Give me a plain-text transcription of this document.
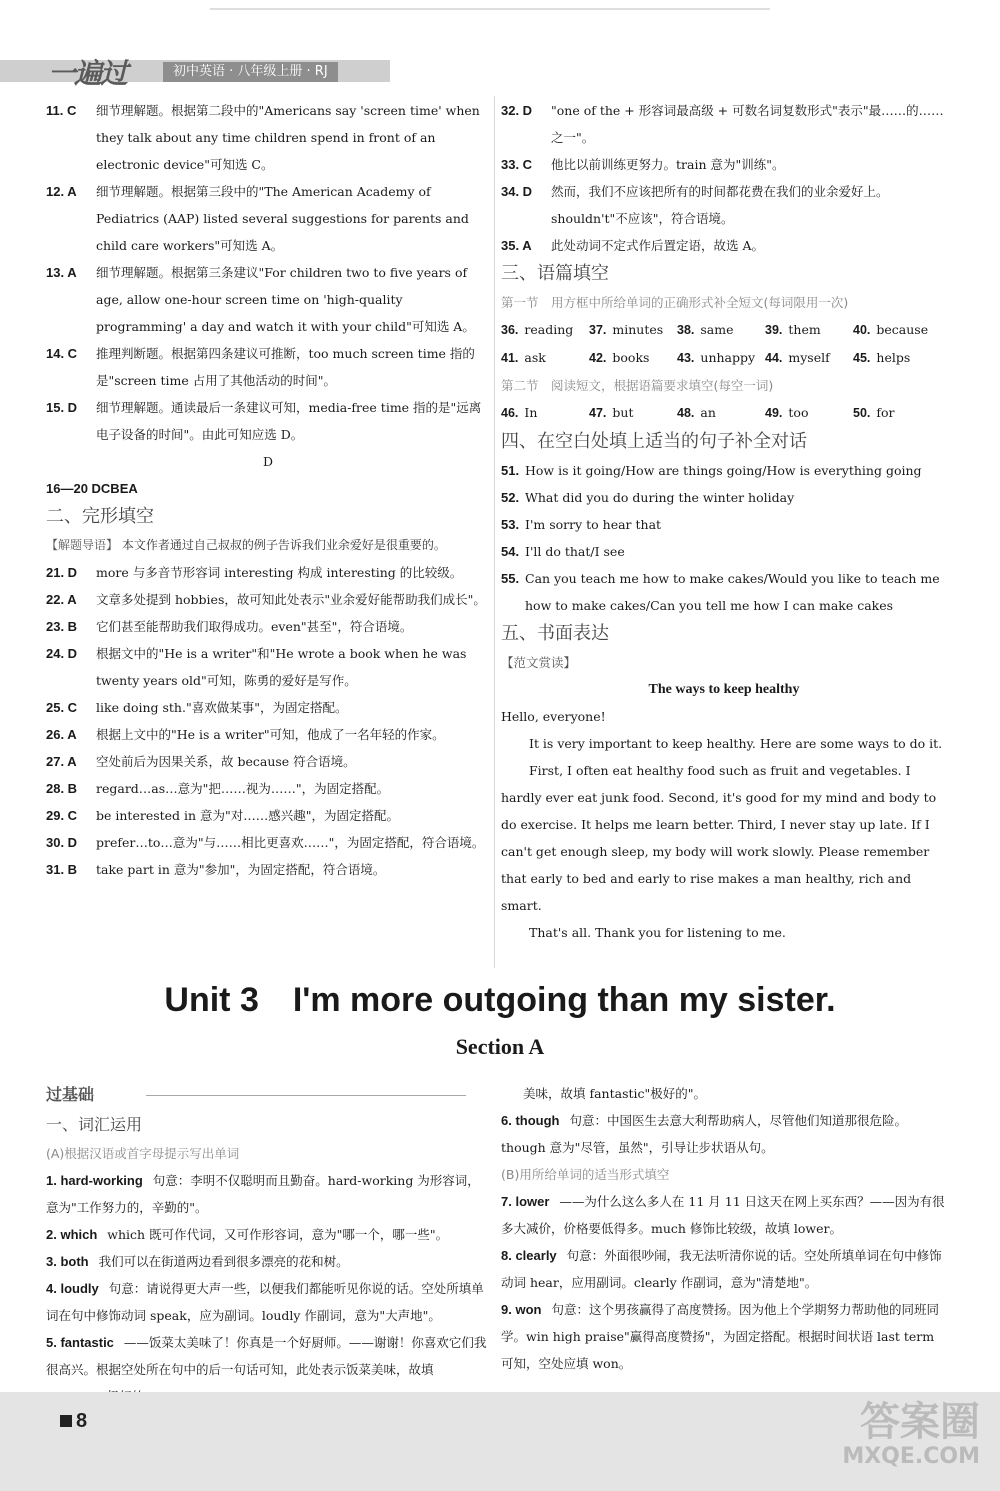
一遍过	初中英语 · 八年级上册 · RJ
11. C 细节理解题。根据第二段中的"Americans say 'screen time' when they talk about any time children spend in front of an electronic device"可知选 C。
12. A 细节理解题。根据第三段中的"The American Academy of Pediatrics (AAP) listed several suggestions for parents and child care workers"可知选 A。
13. A 细节理解题。根据第三条建议"For children two to five years of age, allow one-hour screen time on 'high-quality programming' a day and watch it with your child"可知选 A。
14. C 推理判断题。根据第四条建议可推断，too much screen time 指的是"screen time 占用了其他活动的时间"。
15. D 细节理解题。通读最后一条建议可知，media-free time 指的是"远离电子设备的时间"。由此可知应选 D。
D
16—20 DCBEA
二、完形填空
【解题导语】 本文作者通过自己叔叔的例子告诉我们业余爱好是很重要的。
21. D more 与多音节形容词 interesting 构成 interesting 的比较级。
22. A 文章多处提到 hobbies，故可知此处表示"业余爱好能帮助我们成长"。
23. B 它们甚至能帮助我们取得成功。even"甚至"，符合语境。
24. D 根据文中的"He is a writer"和"He wrote a book when he was twenty years old"可知，陈勇的爱好是写作。
25. C like doing sth."喜欢做某事"，为固定搭配。
26. A 根据上文中的"He is a writer"可知，他成了一名年轻的作家。
27. A 空处前后为因果关系，故 because 符合语境。
28. B regard…as…意为"把……视为……"，为固定搭配。
29. C be interested in 意为"对……感兴趣"，为固定搭配。
30. D prefer…to…意为"与……相比更喜欢……"，为固定搭配，符合语境。
31. B take part in 意为"参加"，为固定搭配，符合语境。
32. D "one of the + 形容词最高级 + 可数名词复数形式"表示"最……的……之一"。
33. C 他比以前训练更努力。train 意为"训练"。
34. D 然而，我们不应该把所有的时间都花费在我们的业余爱好上。shouldn't"不应该"，符合语境。
35. A 此处动词不定式作后置定语，故选 A。
三、语篇填空
第一节　用方框中所给单词的正确形式补全短文(每词限用一次)
36. reading	37. minutes	38. same	39. them	40. because
41. ask	42. books	43. unhappy 44. myself	45. helps
第二节　阅读短文，根据语篇要求填空(每空一词)
46. In	47. but	48. an	49. too	50. for
四、在空白处填上适当的句子补全对话
51. How is it going/How are things going/How is everything going
52. What did you do during the winter holiday
53. I'm sorry to hear that
54. I'll do that/I see
55. Can you teach me how to make cakes/Would you like to teach me how to make cakes/Can you tell me how I can make cakes
五、书面表达
【范文赏读】
The ways to keep healthy

Hello, everyone!

It is very important to keep healthy. Here are some ways to do it.

First, I often eat healthy food such as fruit and vegetables. I hardly ever eat junk food. Second, it's good for my mind and body to do exercise. It helps me learn better. Third, I never stay up late. If I can't get enough sleep, my body will work slowly. Please remember that early to bed and early to rise makes a man healthy, rich and smart.

That's all. Thank you for listening to me.

Unit 3　I'm more outgoing than my sister.
Section A
过基础
一、词汇运用
(A)根据汉语或首字母提示写出单词
1. hard-working 句意：李明不仅聪明而且勤奋。hard-working 为形容词，意为"工作努力的，辛勤的"。
2. which which 既可作代词，又可作形容词，意为"哪一个，哪一些"。
3. both 我们可以在街道两边看到很多漂亮的花和树。
4. loudly 句意：请说得更大声一些，以便我们都能听见你说的话。空处所填单词在句中修饰动词 speak，应为副词。loudly 作副词，意为"大声地"。
5. fantastic ——饭菜太美味了！你真是一个好厨师。——谢谢！你喜欢它们我很高兴。根据空处所在句中的后一句话可知，此处表示饭菜美味，故填
美味，故填 fantastic"极好的"。
6. though 句意：中国医生去意大利帮助病人，尽管他们知道那很危险。though 意为"尽管，虽然"，引导让步状语从句。
(B)用所给单词的适当形式填空
7. lower ——为什么这么多人在 11 月 11 日这天在网上买东西？——因为有很多大减价，价格要低得多。much 修饰比较级，故填 lower。
8. clearly 句意：外面很吵闹，我无法听清你说的话。空处所填单词在句中修饰动词 hear，应用副词。clearly 作副词，意为"清楚地"。
9. won 句意：这个男孩赢得了高度赞扬。因为他上个学期努力帮助他的同班同学。win high praise"赢得高度赞扬"，为固定搭配。根据时间状语 last term 可知，空处应填 won。
8	答案圈
MXQE.COM
